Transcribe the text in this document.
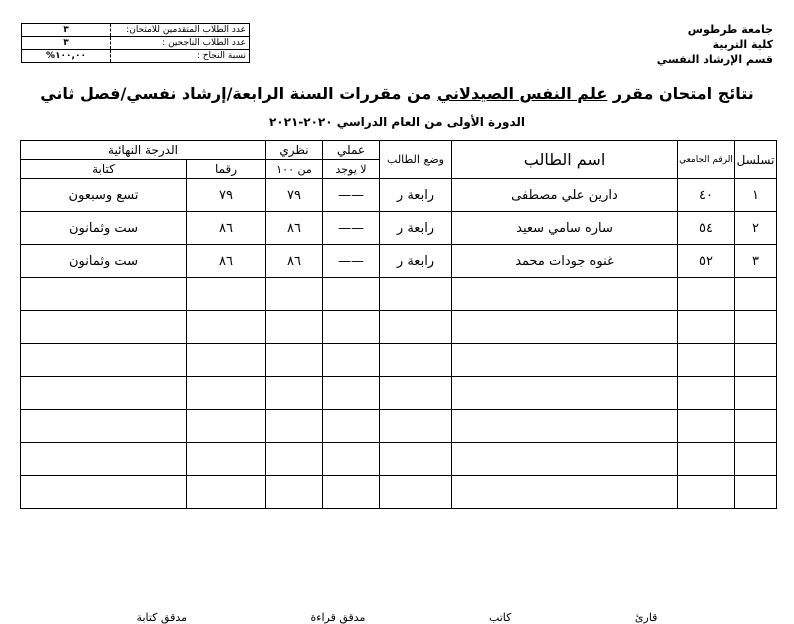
جامعة طرطوس
كلية التربية
قسم الإرشاد النفسي
٣	عدد الطلاب المتقدمين للامتحان:
٣	عدد الطلاب الناجحين :
%١٠٠,٠٠	نسبة النجاح :
نتائج امتحان مقرر علم النفس الصيدلاني من مقررات السنة الرابعة/إرشاد نفسي/فصل ثاني
الدورة الأولى من العام الدراسي ٢٠٢٠-٢٠٢١
تسلسل	الرقم الجامعي	اسم الطالب	وضع الطالب	عملي	نظري	الدرجة النهائية	
				لا يوجد	من ١٠٠	رقما	كتابة
١	٤٠	دارين علي مصطفى	رابعة ر	——	٧٩	٧٩	تسع وسبعون
٢	٥٤	ساره سامي سعيد	رابعة ر	——	٨٦	٨٦	ست وثمانون
٣	٥٢	غنوه جودات محمد	رابعة ر	——	٨٦	٨٦	ست وثمانون

قارئ كاتب مدقق قراءة مدقق كتابة
